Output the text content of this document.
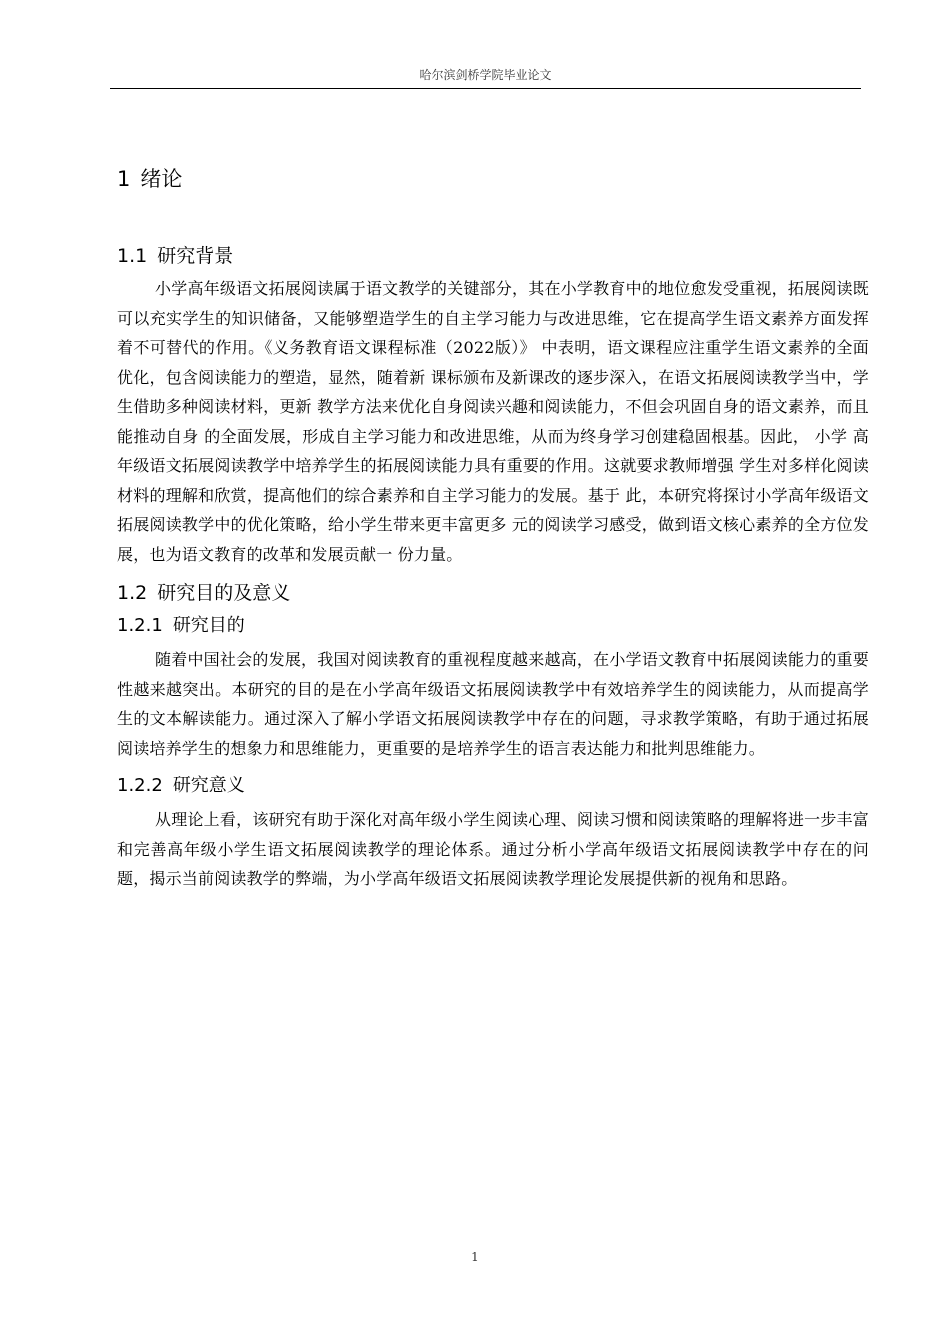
哈尔滨剑桥学院毕业论文
1 绪论
1.1 研究背景

小学高年级语文拓展阅读属于语文教学的关键部分，其在小学教育中的地位愈发受重视，拓展阅读既可以充实学生的知识储备，又能够塑造学生的自主学习能力与改进思维，它在提高学生语文素养方面发挥着不可替代的作用。《义务教育语文课程标准（2022版）》 中表明，语文课程应注重学生语文素养的全面优化，包含阅读能力的塑造，显然，随着新 课标颁布及新课改的逐步深入，在语文拓展阅读教学当中，学生借助多种阅读材料，更新 教学方法来优化自身阅读兴趣和阅读能力，不但会巩固自身的语文素养，而且能推动自身 的全面发展，形成自主学习能力和改进思维，从而为终身学习创建稳固根基。因此， 小学 高年级语文拓展阅读教学中培养学生的拓展阅读能力具有重要的作用。这就要求教师增强 学生对多样化阅读材料的理解和欣赏，提高他们的综合素养和自主学习能力的发展。基于 此，本研究将探讨小学高年级语文拓展阅读教学中的优化策略，给小学生带来更丰富更多 元的阅读学习感受，做到语文核心素养的全方位发展，也为语文教育的改革和发展贡献一 份力量。

1.2 研究目的及意义
1.2.1 研究目的

随着中国社会的发展，我国对阅读教育的重视程度越来越高，在小学语文教育中拓展阅读能力的重要性越来越突出。本研究的目的是在小学高年级语文拓展阅读教学中有效培养学生的阅读能力，从而提高学生的文本解读能力。通过深入了解小学语文拓展阅读教学中存在的问题，寻求教学策略，有助于通过拓展阅读培养学生的想象力和思维能力，更重要的是培养学生的语言表达能力和批判思维能力。

1.2.2 研究意义

从理论上看，该研究有助于深化对高年级小学生阅读心理、阅读习惯和阅读策略的理解将进一步丰富和完善高年级小学生语文拓展阅读教学的理论体系。通过分析小学高年级语文拓展阅读教学中存在的问题，揭示当前阅读教学的弊端，为小学高年级语文拓展阅读教学理论发展提供新的视角和思路。

1
